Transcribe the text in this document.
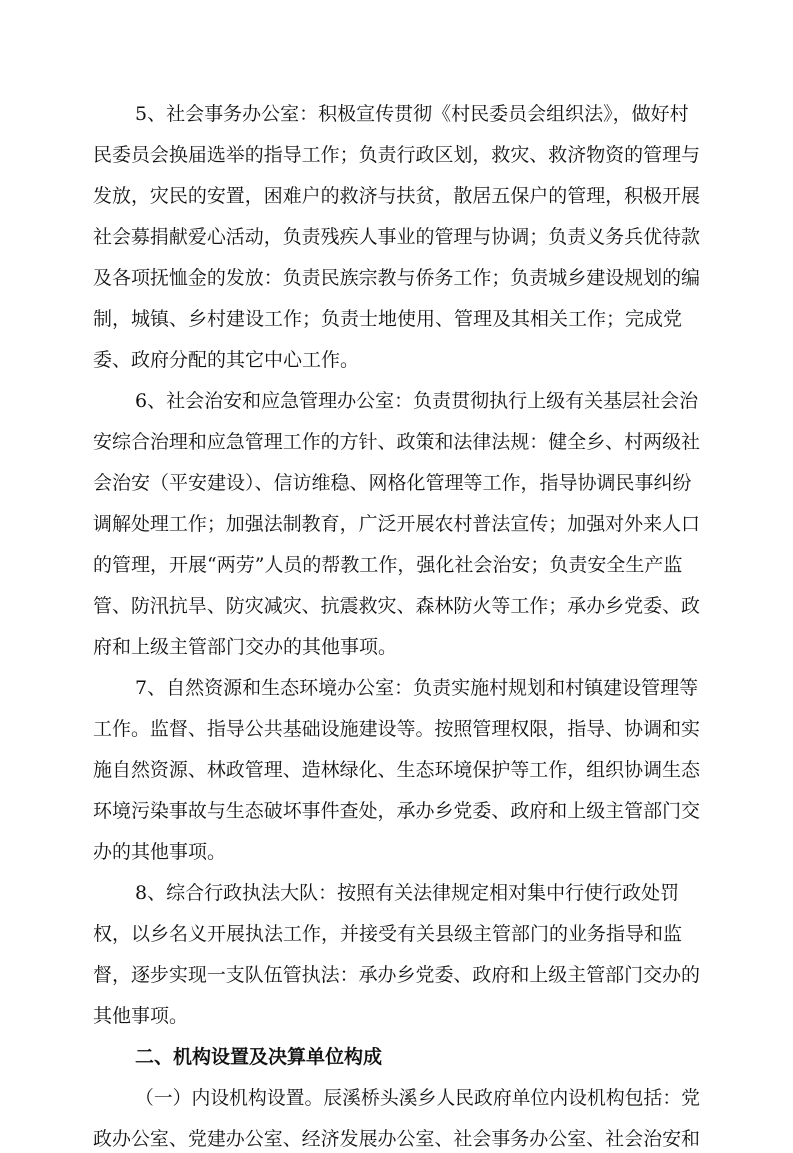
5、社会事务办公室：积极宣传贯彻《村民委员会组织法》，做好村
民委员会换届选举的指导工作；负责行政区划，救灾、救济物资的管理与
发放，灾民的安置，困难户的救济与扶贫，散居五保户的管理，积极开展
社会募捐献爱心活动，负责残疾人事业的管理与协调；负责义务兵优待款
及各项抚恤金的发放：负责民族宗教与侨务工作；负责城乡建设规划的编
制，城镇、乡村建设工作；负责士地使用、管理及其相关工作；完成党
委、政府分配的其它中心工作。
6、社会治安和应急管理办公室：负责贯彻执行上级有关基层社会治
安综合治理和应急管理工作的方针、政策和法律法规：健全乡、村两级社
会治安（平安建设）、信访维稳、网格化管理等工作，指导协调民事纠纷
调解处理工作；加强法制教育，广泛开展农村普法宣传；加强对外来人口
的管理，开展“两劳”人员的帮教工作，强化社会治安；负责安全生产监
管、防汛抗旱、防灾减灾、抗震救灾、森林防火等工作；承办乡党委、政
府和上级主管部门交办的其他事项。
7、自然资源和生态环境办公室：负责实施村规划和村镇建设管理等
工作。监督、指导公共基础设施建设等。按照管理权限，指导、协调和实
施自然资源、林政管理、造林绿化、生态环境保护等工作，组织协调生态
环境污染事故与生态破坏事件查处，承办乡党委、政府和上级主管部门交
办的其他事项。
8、综合行政执法大队：按照有关法律规定相对集中行使行政处罚
权，以乡名义开展执法工作，并接受有关县级主管部门的业务指导和监
督，逐步实现一支队伍管执法：承办乡党委、政府和上级主管部门交办的
其他事项。
二、机构设置及决算单位构成
（一）内设机构设置。辰溪桥头溪乡人民政府单位内设机构包括：党
政办公室、党建办公室、经济发展办公室、社会事务办公室、社会治安和
